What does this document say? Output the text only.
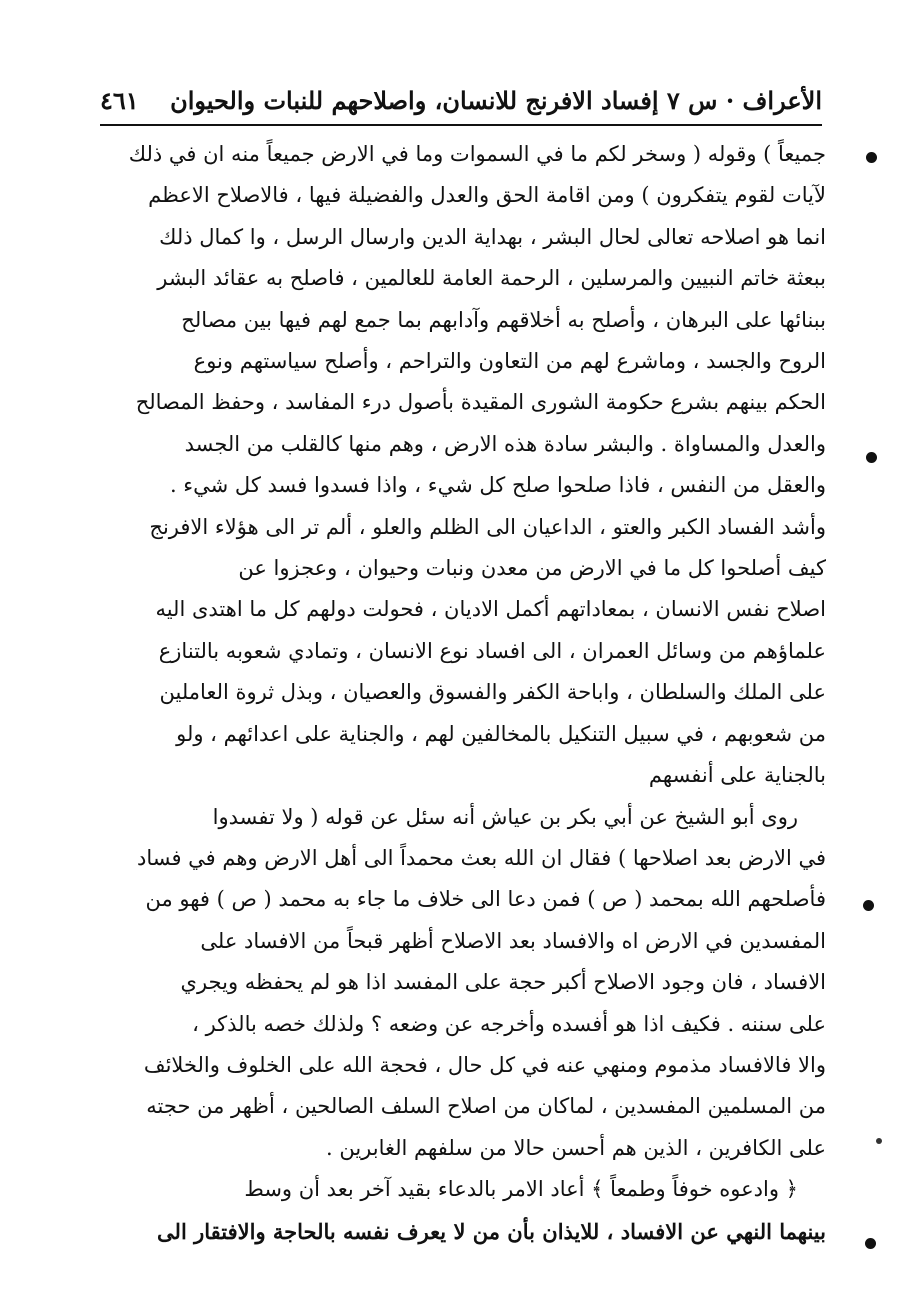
الأعراف · س ٧ إفساد الافرنج للانسان، واصلاحهم للنبات والحيوان
٤٦١
جميعاً ) وقوله ( وسخر لكم ما في السموات وما في الارض جميعاً منه ان في ذلك
لآيات لقوم يتفكرون ) ومن اقامة الحق والعدل والفضيلة فيها ، فالاصلاح الاعظم
انما هو اصلاحه تعالى لحال البشر ، بهداية الدين وارسال الرسل ، وا كمال ذلك
ببعثة خاتم النبيين والمرسلين ، الرحمة العامة للعالمين ، فاصلح به عقائد البشر
ببنائها على البرهان ، وأصلح به أخلاقهم وآدابهم بما جمع لهم فيها بين مصالح
الروح والجسد ، وماشرع لهم من التعاون والتراحم ، وأصلح سياستهم ونوع
الحكم بينهم بشرع حكومة الشورى المقيدة بأصول درء المفاسد ، وحفظ المصالح
والعدل والمساواة . والبشر سادة هذه الارض ، وهم منها كالقلب من الجسد
والعقل من النفس ، فاذا صلحوا صلح كل شيء ، واذا فسدوا فسد كل شيء .
وأشد الفساد الكبر والعتو ، الداعيان الى الظلم والعلو ، ألم تر الى هؤلاء الافرنج
كيف أصلحوا كل ما في الارض من معدن ونبات وحيوان ، وعجزوا عن
اصلاح نفس الانسان ، بمعاداتهم أكمل الاديان ، فحولت دولهم كل ما اهتدى اليه
علماؤهم من وسائل العمران ، الى افساد نوع الانسان ، وتمادي شعوبه بالتنازع
على الملك والسلطان ، واباحة الكفر والفسوق والعصيان ، وبذل ثروة العاملين
من شعوبهم ، في سبيل التنكيل بالمخالفين لهم ، والجناية على اعدائهم ، ولو
بالجناية على أنفسهم
روى أبو الشيخ عن أبي بكر بن عياش أنه سئل عن قوله ( ولا تفسدوا
في الارض بعد اصلاحها ) فقال ان الله بعث محمداً الى أهل الارض وهم في فساد
فأصلحهم الله بمحمد ( ص ) فمن دعا الى خلاف ما جاء به محمد ( ص ) فهو من
المفسدين في الارض اه والافساد بعد الاصلاح أظهر قبحاً من الافساد على
الافساد ، فان وجود الاصلاح أكبر حجة على المفسد اذا هو لم يحفظه ويجري
على سننه . فكيف اذا هو أفسده وأخرجه عن وضعه ؟ ولذلك خصه بالذكر ،
والا فالافساد مذموم ومنهي عنه في كل حال ، فحجة الله على الخلوف والخلائف
من المسلمين المفسدين ، لماكان من اصلاح السلف الصالحين ، أظهر من حجته
على الكافرين ، الذين هم أحسن حالا من سلفهم الغابرين .
﴿ وادعوه خوفاً وطمعاً ﴾ أعاد الامر بالدعاء بقيد آخر بعد أن وسط
بينهما النهي عن الافساد ، للايذان بأن من لا يعرف نفسه بالحاجة والافتقار الى
